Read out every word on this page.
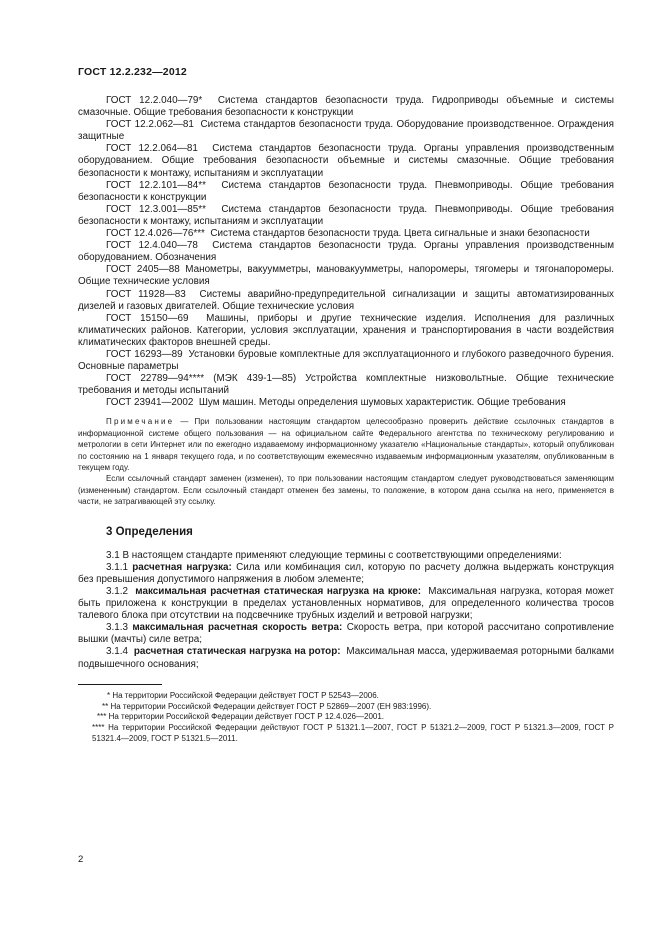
ГОСТ 12.2.232—2012

ГОСТ 12.2.040—79* Система стандартов безопасности труда. Гидроприводы объемные и системы смазочные. Общие требования безопасности к конструкции

ГОСТ 12.2.062—81 Система стандартов безопасности труда. Оборудование производственное. Ограждения защитные

ГОСТ 12.2.064—81 Система стандартов безопасности труда. Органы управления производственным оборудованием. Общие требования безопасности объемные и системы смазочные. Общие требования безопасности к монтажу, испытаниям и эксплуатации

ГОСТ 12.2.101—84** Система стандартов безопасности труда. Пневмоприводы. Общие требования безопасности к конструкции

ГОСТ 12.3.001—85** Система стандартов безопасности труда. Пневмоприводы. Общие требования безопасности к монтажу, испытаниям и эксплуатации

ГОСТ 12.4.026—76*** Система стандартов безопасности труда. Цвета сигнальные и знаки безопасности

ГОСТ 12.4.040—78 Система стандартов безопасности труда. Органы управления производственным оборудованием. Обозначения

ГОСТ 2405—88 Манометры, вакуумметры, мановакуумметры, напоромеры, тягомеры и тягонапоромеры. Общие технические условия

ГОСТ 11928—83 Системы аварийно-предупредительной сигнализации и защиты автоматизированных дизелей и газовых двигателей. Общие технические условия

ГОСТ 15150—69 Машины, приборы и другие технические изделия. Исполнения для различных климатических районов. Категории, условия эксплуатации, хранения и транспортирования в части воздействия климатических факторов внешней среды.

ГОСТ 16293—89 Установки буровые комплектные для эксплуатационного и глубокого разведочного бурения. Основные параметры

ГОСТ 22789—94**** (МЭК 439-1—85) Устройства комплектные низковольтные. Общие технические требования и методы испытаний

ГОСТ 23941—2002 Шум машин. Методы определения шумовых характеристик. Общие требования

Примечание — При пользовании настоящим стандартом целесообразно проверить действие ссылочных стандартов в информационной системе общего пользования — на официальном сайте Федерального агентства по техническому регулированию и метрологии в сети Интернет или по ежегодно издаваемому информационному указателю «Национальные стандарты», который опубликован по состоянию на 1 января текущего года, и по соответствующим ежемесячно издаваемым информационным указателям, опубликованным в текущем году.

Если ссылочный стандарт заменен (изменен), то при пользовании настоящим стандартом следует руководствоваться заменяющим (измененным) стандартом. Если ссылочный стандарт отменен без замены, то положение, в котором дана ссылка на него, применяется в части, не затрагивающей эту ссылку.

3 Определения

3.1 В настоящем стандарте применяют следующие термины с соответствующими определениями:

3.1.1 расчетная нагрузка: Сила или комбинация сил, которую по расчету должна выдержать конструкция без превышения допустимого напряжения в любом элементе;

3.1.2 максимальная расчетная статическая нагрузка на крюке: Максимальная нагрузка, которая может быть приложена к конструкции в пределах установленных нормативов, для определенного количества тросов талевого блока при отсутствии на подсвечнике трубных изделий и ветровой нагрузки;

3.1.3 максимальная расчетная скорость ветра: Скорость ветра, при которой рассчитано сопротивление вышки (мачты) силе ветра;

3.1.4 расчетная статическая нагрузка на ротор: Максимальная масса, удерживаемая роторными балками подвышечного основания;

* На территории Российской Федерации действует ГОСТ Р 52543—2006.

** На территории Российской Федерации действует ГОСТ Р 52869—2007 (ЕН 983:1996).

*** На территории Российской Федерации действует ГОСТ Р 12.4.026—2001.

**** На территории Российской Федерации действуют ГОСТ Р 51321.1—2007, ГОСТ Р 51321.2—2009, ГОСТ Р 51321.3—2009, ГОСТ Р 51321.4—2009, ГОСТ Р 51321.5—2011.

2
